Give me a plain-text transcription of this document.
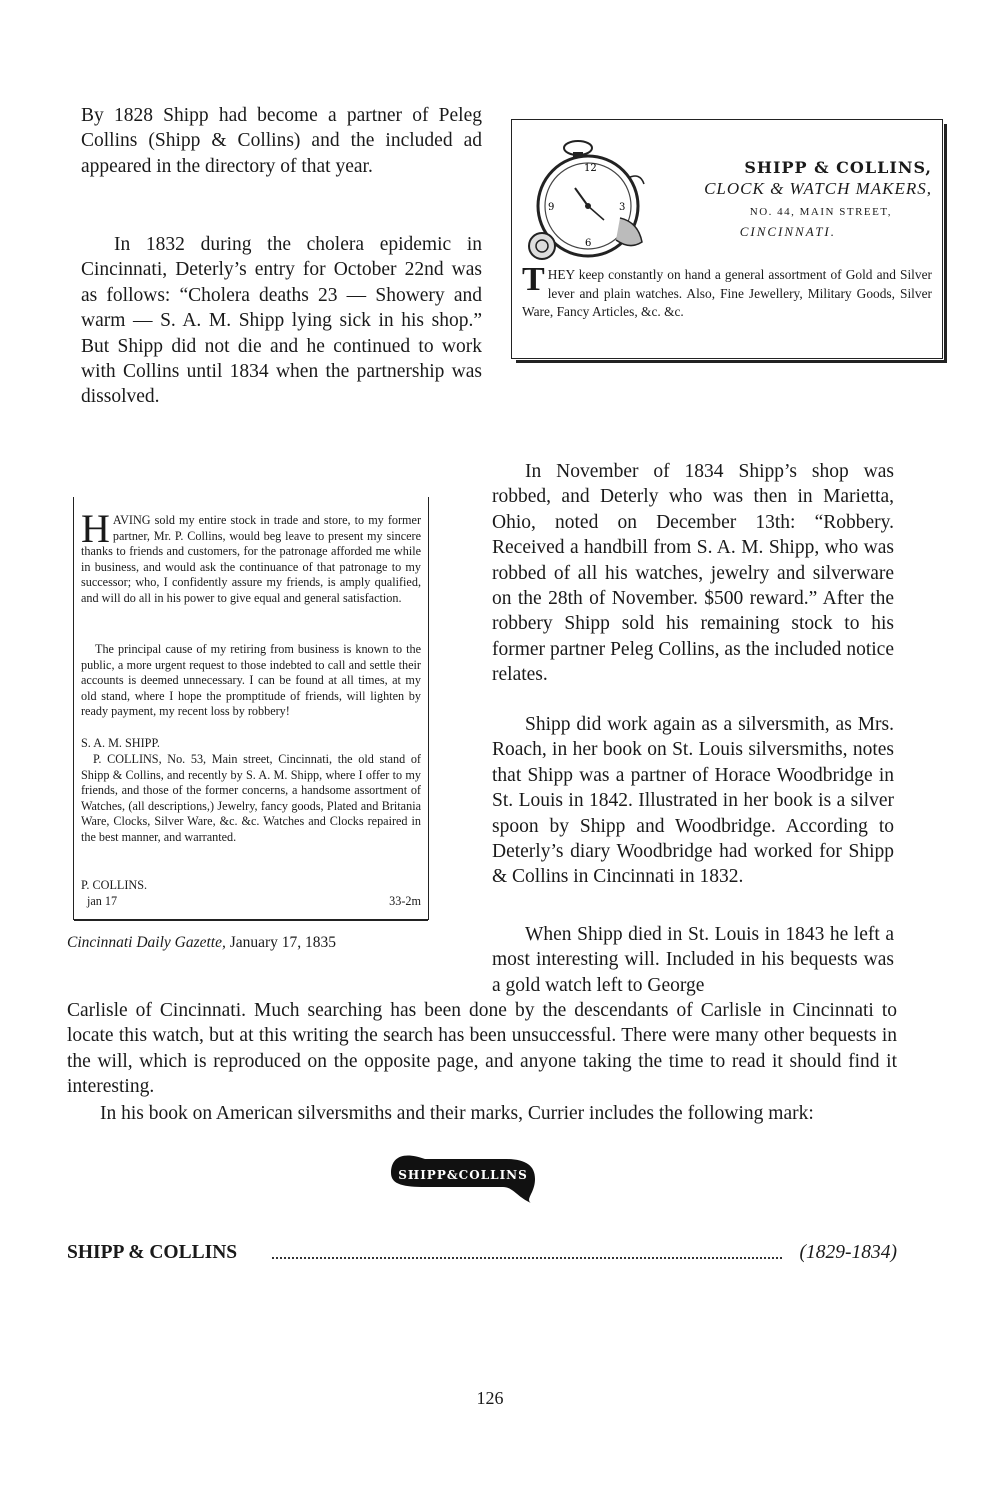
By 1828 Shipp had become a partner of Peleg Collins (Shipp & Collins) and the included ad appeared in the directory of that year.

In 1832 during the cholera epidemic in Cincinnati, Deterly’s entry for October 22nd was as follows: “Cholera deaths 23 — Showery and warm — S. A. M. Shipp lying sick in his shop.” But Shipp did not die and he continued to work with Collins until 1834 when the partnership was dissolved.

12
3
9
6
SHIPP & COLLINS,
CLOCK & WATCH MAKERS,
NO. 44, MAIN STREET,
CINCINNATI.
THEY keep constantly on hand a general assortment of Gold and Silver lever and plain watches. Also, Fine Jewellery, Military Goods, Silver Ware, Fancy Articles, &c. &c.
HAVING sold my entire stock in trade and store, to my former partner, Mr. P. Collins, would beg leave to present my sincere thanks to friends and customers, for the patronage afforded me while in business, and would ask the continuance of that patronage to my successor; who, I confidently assure my friends, is amply qualified, and will do all in his power to give equal and general satisfaction.
The principal cause of my retiring from business is known to the public, a more urgent request to those indebted to call and settle their accounts is deemed unnecessary. I can be found at all times, at my old stand, where I hope the promptitude of friends, will lighten by ready payment, my recent loss by robbery!
S. A. M. SHIPP.
P. COLLINS, No. 53, Main street, Cincinnati, the old stand of Shipp & Collins, and recently by S. A. M. Shipp, where I offer to my friends, and those of the former concerns, a handsome assortment of Watches, (all descriptions,) Jewelry, fancy goods, Plated and Britania Ware, Clocks, Silver Ware, &c. &c. Watches and Clocks repaired in the best manner, and warranted.
P. COLLINS.
jan 17	33-2m
Cincinnati Daily Gazette, January 17, 1835

In November of 1834 Shipp’s shop was robbed, and Deterly who was then in Marietta, Ohio, noted on December 13th: “Robbery. Received a handbill from S. A. M. Shipp, who was robbed of all his watches, jewelry and silverware on the 28th of November. $500 reward.” After the robbery Shipp sold his remaining stock to his former partner Peleg Collins, as the included notice relates.

Shipp did work again as a silversmith, as Mrs. Roach, in her book on St. Louis silversmiths, notes that Shipp was a partner of Horace Woodbridge in St. Louis in 1842. Illustrated in her book is a silver spoon by Shipp and Woodbridge. According to Deterly’s diary Woodbridge had worked for Shipp & Collins in Cincinnati in 1832.

When Shipp died in St. Louis in 1843 he left a most interesting will. Included in his bequests was a gold watch left to George

Carlisle of Cincinnati. Much searching has been done by the descendants of Carlisle in Cincinnati to locate this watch, but at this writing the search has been unsuccessful. There were many other bequests in the will, which is reproduced on the opposite page, and anyone taking the time to read it should find it interesting.

In his book on American silversmiths and their marks, Currier includes the following mark:

SHIPP&COLLINS
SHIPP & COLLINS	(1829-1834)
126
